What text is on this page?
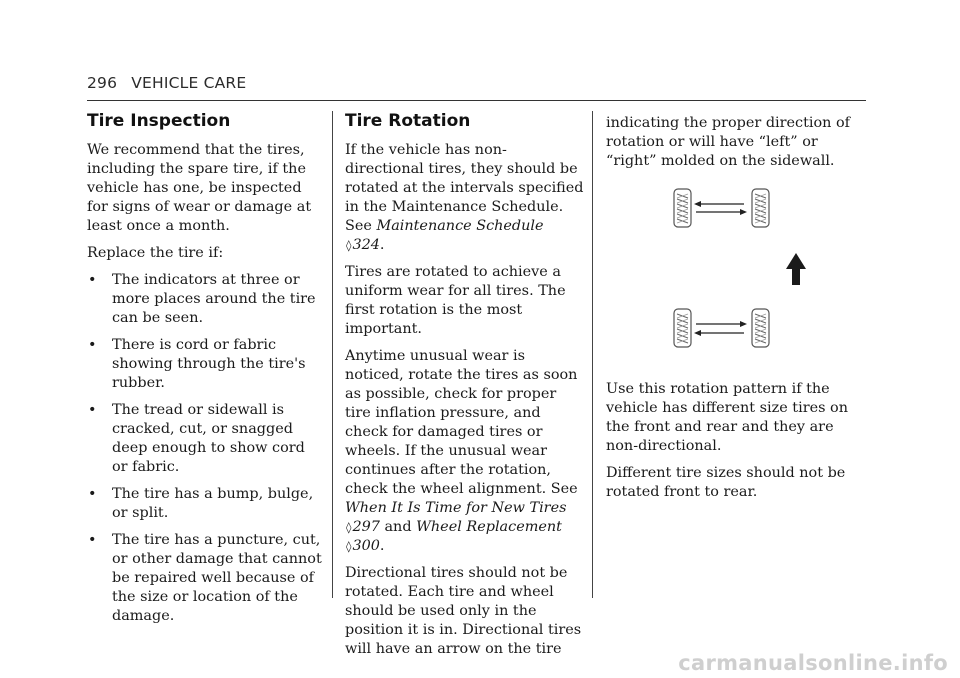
296 VEHICLE CARE
Tire Inspection

We recommend that the tires, including the spare tire, if the vehicle has one, be inspected for signs of wear or damage at least once a month.

Replace the tire if:

• The indicators at three or more places around the tire can be seen.
• There is cord or fabric showing through the tire's rubber.
• The tread or sidewall is cracked, cut, or snagged deep enough to show cord or fabric.
• The tire has a bump, bulge, or split.
• The tire has a puncture, cut, or other damage that cannot be repaired well because of the size or location of the damage.
Tire Rotation

If the vehicle has non-directional tires, they should be rotated at the intervals specified in the Maintenance Schedule. See Maintenance Schedule ◊324.

Tires are rotated to achieve a uniform wear for all tires. The first rotation is the most important.

Anytime unusual wear is noticed, rotate the tires as soon as possible, check for proper tire inflation pressure, and check for damaged tires or wheels. If the unusual wear continues after the rotation, check the wheel alignment. See When It Is Time for New Tires ◊297 and Wheel Replacement ◊300.

Directional tires should not be rotated. Each tire and wheel should be used only in the position it is in. Directional tires will have an arrow on the tire

indicating the proper direction of rotation or will have “left” or “right” molded on the sidewall.

Use this rotation pattern if the vehicle has different size tires on the front and rear and they are non-directional.

Different tire sizes should not be rotated front to rear.

carmanualsonline.info
